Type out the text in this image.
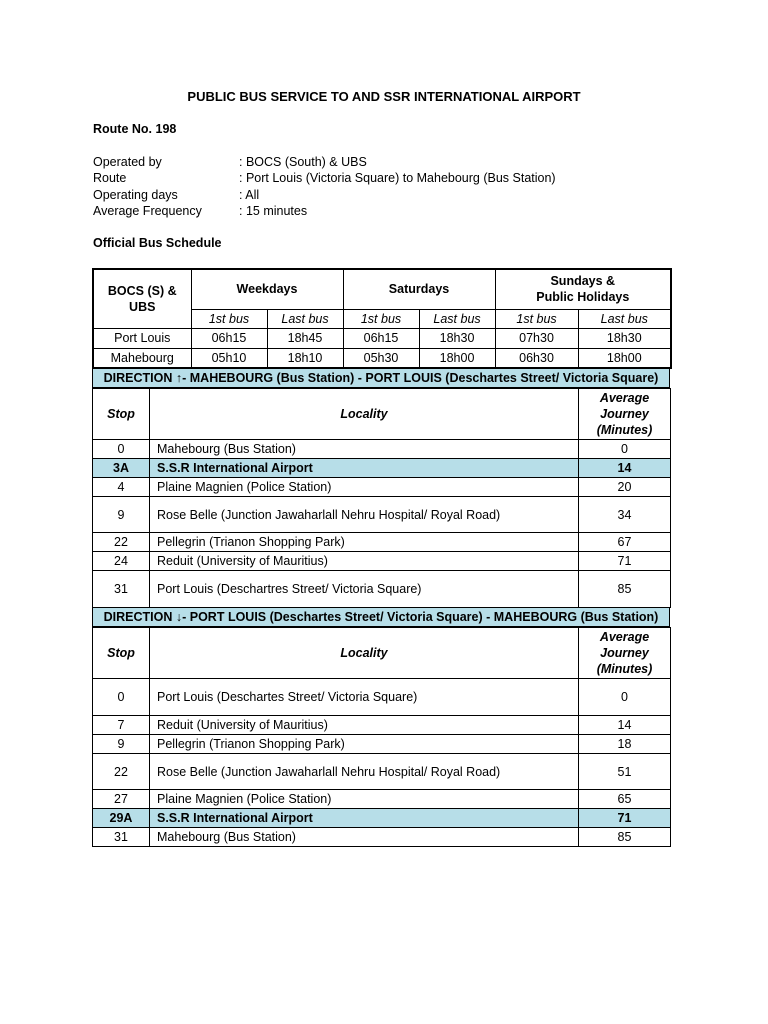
PUBLIC BUS SERVICE TO AND SSR INTERNATIONAL AIRPORT
Route No. 198
Operated by	: BOCS (South) & UBS
Route	: Port Louis (Victoria Square) to Mahebourg (Bus Station)
Operating days	: All
Average Frequency	: 15 minutes
Official Bus Schedule
BOCS (S) &
UBS	Weekdays		Saturdays		Sundays &
Public Holidays	
	1st bus	Last bus	1st bus	Last bus	1st bus	Last bus
Port Louis	06h15	18h45	06h15	18h30	07h30	18h30
Mahebourg	05h10	18h10	05h30	18h00	06h30	18h00
DIRECTION ↑- MAHEBOURG (Bus Station) - PORT LOUIS (Deschartes Street/ Victoria Square)
Stop	Locality	Average
Journey
(Minutes)
0	Mahebourg (Bus Station)	0
3A	S.S.R International Airport	14
4	Plaine Magnien (Police Station)	20
9	Rose Belle (Junction Jawaharlall Nehru Hospital/ Royal Road)	34
22	Pellegrin (Trianon Shopping Park)	67
24	Reduit (University of Mauritius)	71
31	Port Louis (Deschartres Street/ Victoria Square)	85
DIRECTION ↓- PORT LOUIS (Deschartes Street/ Victoria Square) - MAHEBOURG (Bus Station)
Stop	Locality	Average
Journey
(Minutes)
0	Port Louis (Deschartes Street/ Victoria Square)	0
7	Reduit (University of Mauritius)	14
9	Pellegrin (Trianon Shopping Park)	18
22	Rose Belle (Junction Jawaharlall Nehru Hospital/ Royal Road)	51
27	Plaine Magnien (Police Station)	65
29A	S.S.R International Airport	71
31	Mahebourg (Bus Station)	85
